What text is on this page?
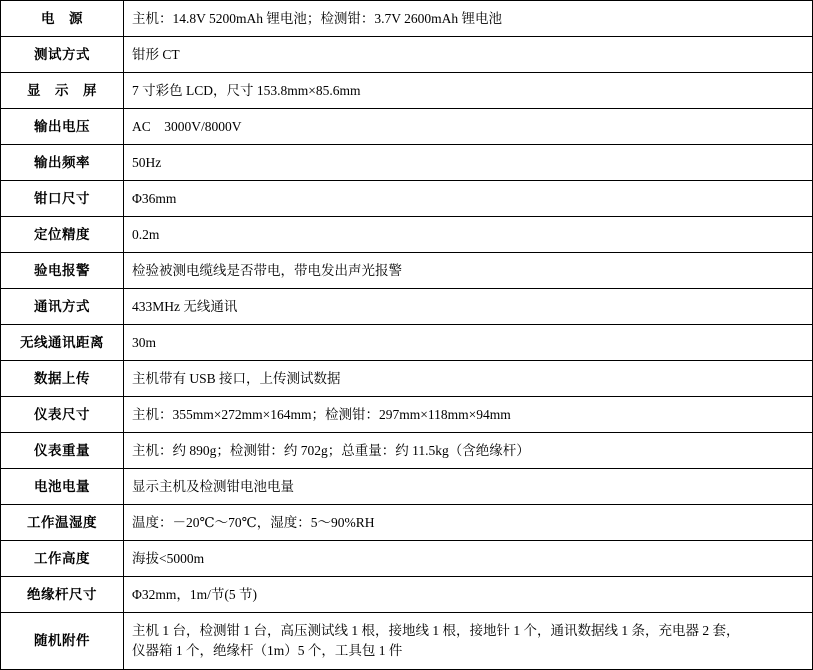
电　源	主机：14.8V 5200mAh 锂电池；检测钳：3.7V 2600mAh 锂电池

测试方式	钳形 CT

显　示　屏	7 寸彩色 LCD，尺寸 153.8mm×85.6mm

输出电压	AC　3000V/8000V

输出频率	50Hz

钳口尺寸	Φ36mm

定位精度	0.2m

验电报警	检验被测电缆线是否带电，带电发出声光报警

通讯方式	433MHz 无线通讯

无线通讯距离	30m

数据上传	主机带有 USB 接口，上传测试数据

仪表尺寸	主机：355mm×272mm×164mm；检测钳：297mm×118mm×94mm

仪表重量	主机：约 890g；检测钳：约 702g；总重量：约 11.5kg（含绝缘杆）

电池电量	显示主机及检测钳电池电量

工作温湿度	温度：－20℃～70℃，湿度：5～90%RH

工作高度	海拔<5000m

绝缘杆尺寸	Φ32mm，1m/节(5 节)

随机附件	主机 1 台，检测钳 1 台，高压测试线 1 根，接地线 1 根，接地针 1 个，通讯数据线 1 条，充电器 2 套，
仪器箱 1 个，绝缘杆（1m）5 个，工具包 1 件
